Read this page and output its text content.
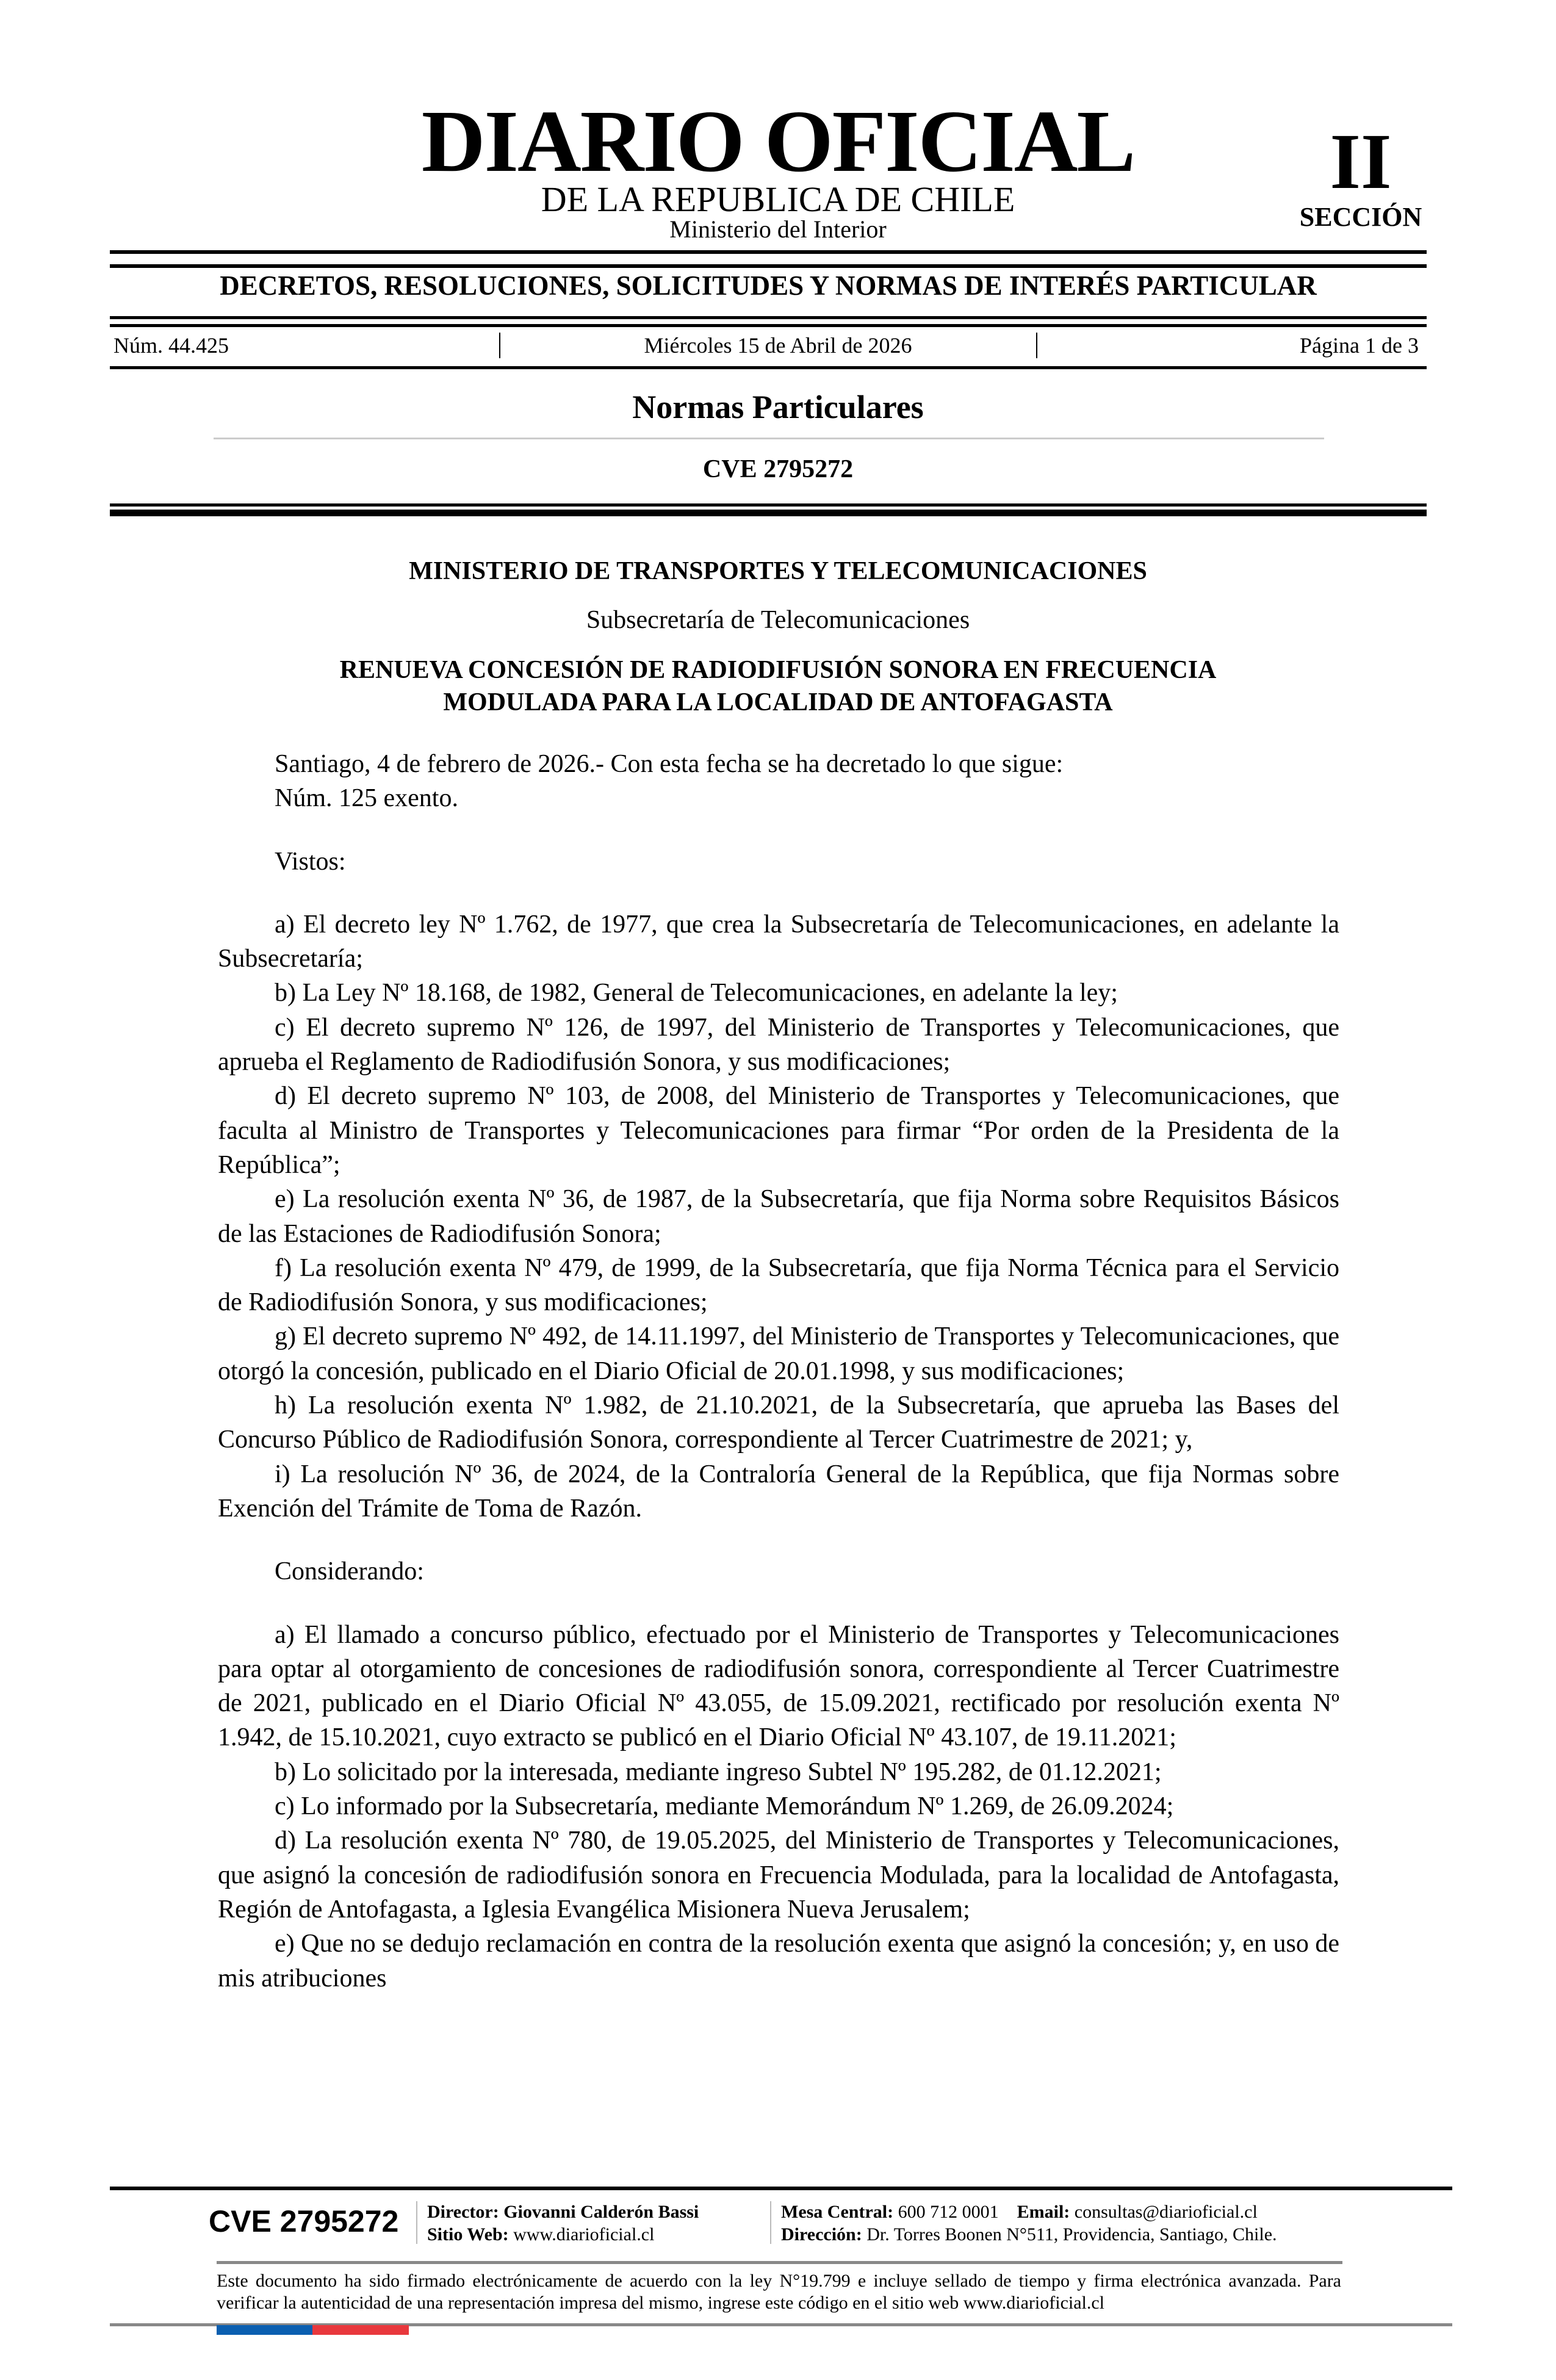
DIARIO OFICIAL
DE LA REPUBLICA DE CHILE
Ministerio del Interior
II
SECCIÓN
DECRETOS, RESOLUCIONES, SOLICITUDES Y NORMAS DE INTERÉS PARTICULAR
Núm. 44.425	Miércoles 15 de Abril de 2026	Página 1 de 3
Normas Particulares
CVE 2795272
MINISTERIO DE TRANSPORTES Y TELECOMUNICACIONES
Subsecretaría de Telecomunicaciones
RENUEVA CONCESIÓN DE RADIODIFUSIÓN SONORA EN FRECUENCIA
MODULADA PARA LA LOCALIDAD DE ANTOFAGASTA

Santiago, 4 de febrero de 2026.- Con esta fecha se ha decretado lo que sigue:

Núm. 125 exento.

Vistos:

a) El decreto ley Nº 1.762, de 1977, que crea la Subsecretaría de Telecomunicaciones, en adelante la Subsecretaría;

b) La Ley Nº 18.168, de 1982, General de Telecomunicaciones, en adelante la ley;

c) El decreto supremo Nº 126, de 1997, del Ministerio de Transportes y Telecomunicaciones, que aprueba el Reglamento de Radiodifusión Sonora, y sus modificaciones;

d) El decreto supremo Nº 103, de 2008, del Ministerio de Transportes y Telecomunicaciones, que faculta al Ministro de Transportes y Telecomunicaciones para firmar “Por orden de la Presidenta de la República”;

e) La resolución exenta Nº 36, de 1987, de la Subsecretaría, que fija Norma sobre Requisitos Básicos de las Estaciones de Radiodifusión Sonora;

f) La resolución exenta Nº 479, de 1999, de la Subsecretaría, que fija Norma Técnica para el Servicio de Radiodifusión Sonora, y sus modificaciones;

g) El decreto supremo Nº 492, de 14.11.1997, del Ministerio de Transportes y Telecomunicaciones, que otorgó la concesión, publicado en el Diario Oficial de 20.01.1998, y sus modificaciones;

h) La resolución exenta Nº 1.982, de 21.10.2021, de la Subsecretaría, que aprueba las Bases del Concurso Público de Radiodifusión Sonora, correspondiente al Tercer Cuatrimestre de 2021; y,

i) La resolución Nº 36, de 2024, de la Contraloría General de la República, que fija Normas sobre Exención del Trámite de Toma de Razón.

Considerando:

a) El llamado a concurso público, efectuado por el Ministerio de Transportes y Telecomunicaciones para optar al otorgamiento de concesiones de radiodifusión sonora, correspondiente al Tercer Cuatrimestre de 2021, publicado en el Diario Oficial Nº 43.055, de 15.09.2021, rectificado por resolución exenta Nº 1.942, de 15.10.2021, cuyo extracto se publicó en el Diario Oficial Nº 43.107, de 19.11.2021;

b) Lo solicitado por la interesada, mediante ingreso Subtel Nº 195.282, de 01.12.2021;

c) Lo informado por la Subsecretaría, mediante Memorándum Nº 1.269, de 26.09.2024;

d) La resolución exenta Nº 780, de 19.05.2025, del Ministerio de Transportes y Telecomunicaciones, que asignó la concesión de radiodifusión sonora en Frecuencia Modulada, para la localidad de Antofagasta, Región de Antofagasta, a Iglesia Evangélica Misionera Nueva Jerusalem;

e) Que no se dedujo reclamación en contra de la resolución exenta que asignó la concesión; y, en uso de mis atribuciones

CVE 2795272 Director: Giovanni Calderón Bassi
Sitio Web: www.diarioficial.cl
Mesa Central: 600 712 0001 Email: consultas@diarioficial.cl
Dirección: Dr. Torres Boonen N°511, Providencia, Santiago, Chile.
Este documento ha sido firmado electrónicamente de acuerdo con la ley N°19.799 e incluye sellado de tiempo y firma electrónica avanzada. Para verificar la autenticidad de una representación impresa del mismo, ingrese este código en el sitio web www.diarioficial.cl
